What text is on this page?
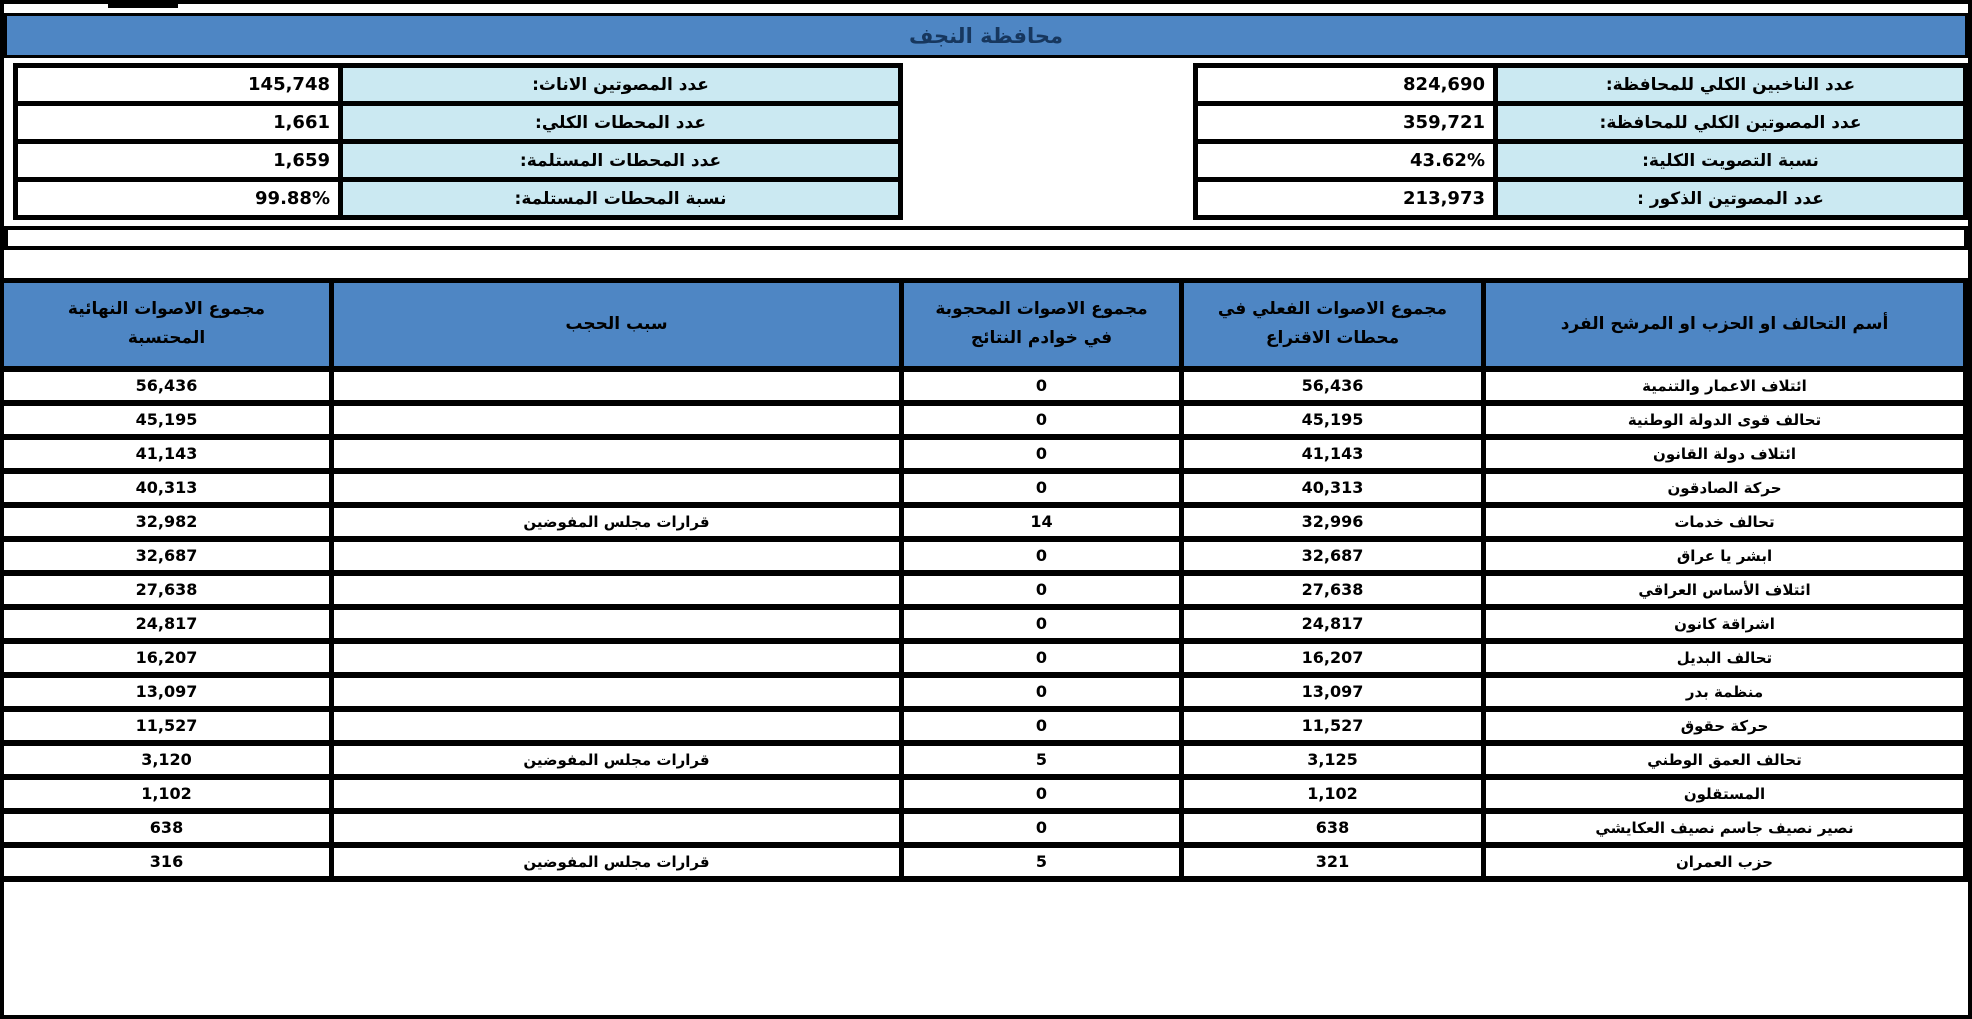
محافظة النجف
عدد الناخبين الكلي للمحافظة:	824,690
عدد المصوتين الكلي للمحافظة:	359,721
نسبة التصويت الكلية:	43.62%
عدد المصوتين الذكور :	213,973
عدد المصوتين الاناث:	145,748
عدد المحطات الكلي:	1,661
عدد المحطات المستلمة:	1,659
نسبة المحطات المستلمة:	99.88%
أسم التحالف او الحزب او المرشح الفرد	مجموع الاصوات الفعلي في محطات الاقتراع	مجموع الاصوات المحجوبة في خوادم النتائج	سبب الحجب	مجموع الاصوات النهائية المحتسبة
ائتلاف الاعمار والتنمية	56,436	0		56,436
تحالف قوى الدولة الوطنية	45,195	0		45,195
ائتلاف دولة القانون	41,143	0		41,143
حركة الصادقون	40,313	0		40,313
تحالف خدمات	32,996	14	قرارات مجلس المفوضين	32,982
ابشر يا عراق	32,687	0		32,687
ائتلاف الأساس العراقي	27,638	0		27,638
اشراقة كانون	24,817	0		24,817
تحالف البديل	16,207	0		16,207
منظمة بدر	13,097	0		13,097
حركة حقوق	11,527	0		11,527
تحالف العمق الوطني	3,125	5	قرارات مجلس المفوضين	3,120
المستقلون	1,102	0		1,102
نصير نصيف جاسم نصيف العكايشي	638	0		638
حزب العمران	321	5	قرارات مجلس المفوضين	316
